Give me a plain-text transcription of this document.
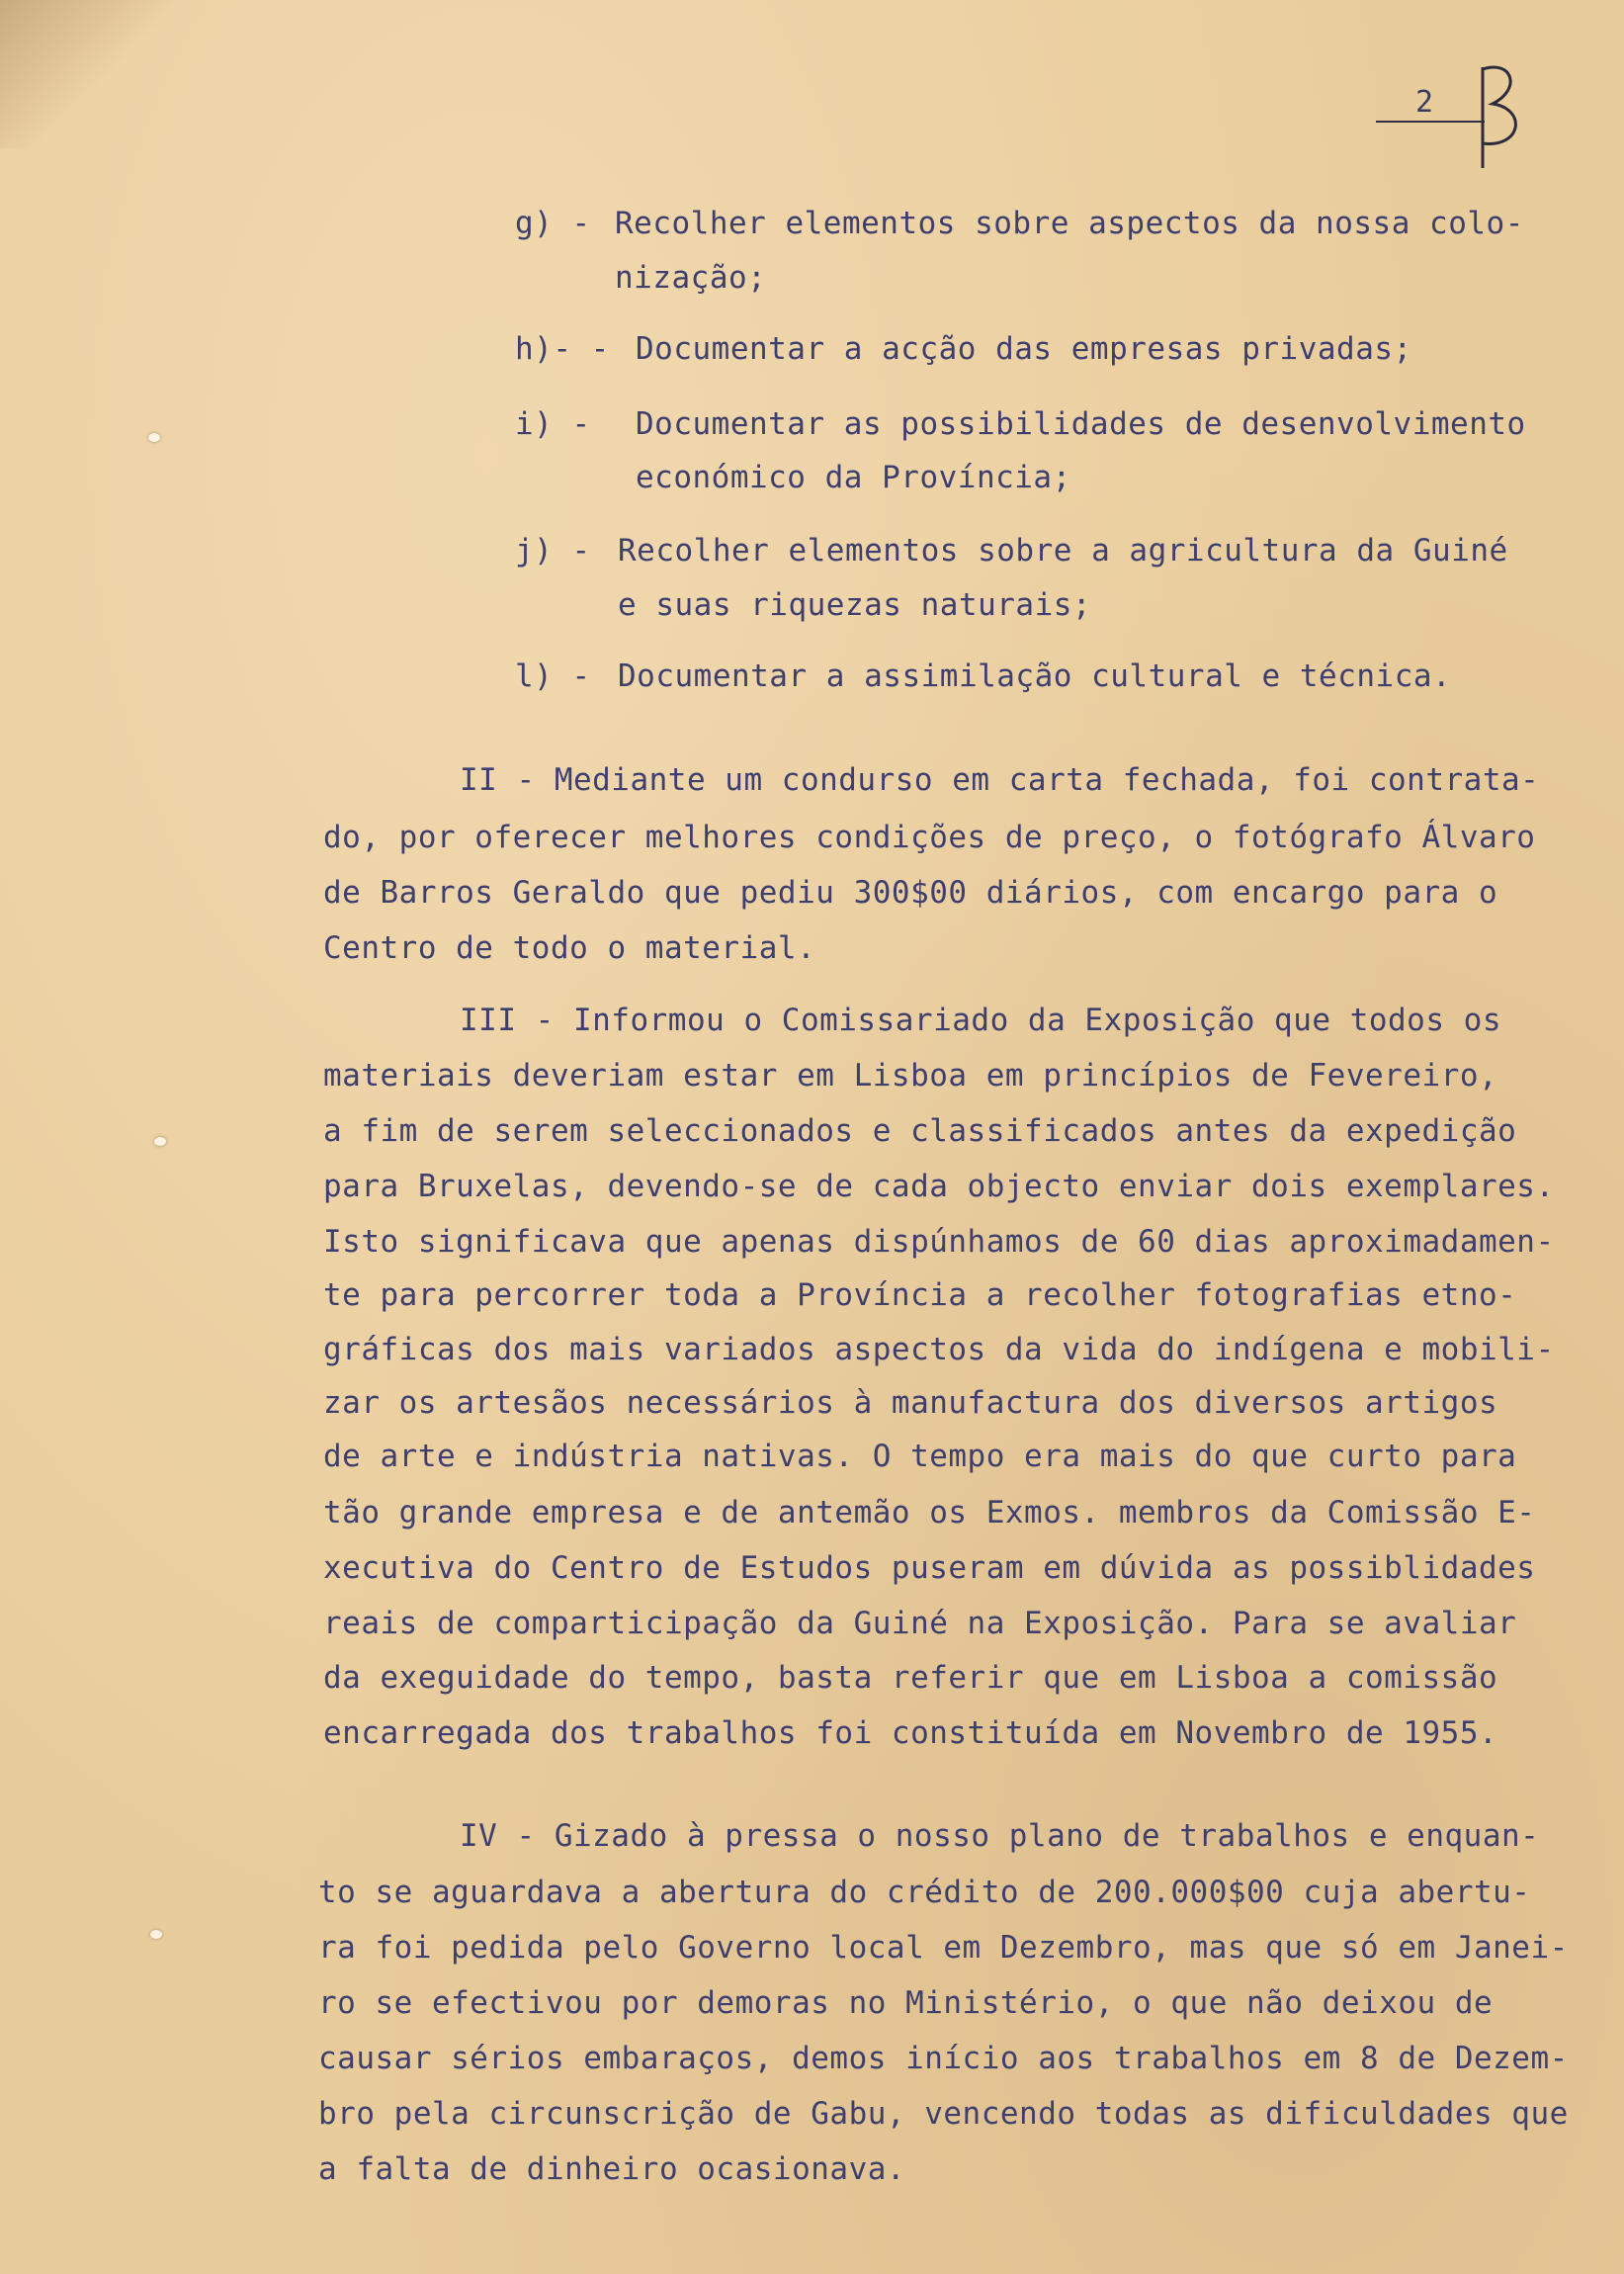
2
g) - Recolher elementos sobre aspectos da nossa colo-
nização;
h)- - Documentar a acção das empresas privadas;
i) - Documentar as possibilidades de desenvolvimento
económico da Província;
j) - Recolher elementos sobre a agricultura da Guiné
e suas riquezas naturais;
l) - Documentar a assimilação cultural e técnica.
II - Mediante um condurso em carta fechada, foi contrata-
do, por oferecer melhores condições de preço, o fotógrafo Álvaro
de Barros Geraldo que pediu 300$00 diários, com encargo para o
Centro de todo o material.
III - Informou o Comissariado da Exposição que todos os
materiais deveriam estar em Lisboa em princípios de Fevereiro,
a fim de serem seleccionados e classificados antes da expedição
para Bruxelas, devendo-se de cada objecto enviar dois exemplares.
Isto significava que apenas dispúnhamos de 60 dias aproximadamen-
te para percorrer toda a Província a recolher fotografias etno-
gráficas dos mais variados aspectos da vida do indígena e mobili-
zar os artesãos necessários à manufactura dos diversos artigos
de arte e indústria nativas. O tempo era mais do que curto para
tão grande empresa e de antemão os Exmos. membros da Comissão E-
xecutiva do Centro de Estudos puseram em dúvida as possiblidades
reais de comparticipação da Guiné na Exposição. Para se avaliar
da exeguidade do tempo, basta referir que em Lisboa a comissão
encarregada dos trabalhos foi constituída em Novembro de 1955.
IV - Gizado à pressa o nosso plano de trabalhos e enquan-
to se aguardava a abertura do crédito de 200.000$00 cuja abertu-
ra foi pedida pelo Governo local em Dezembro, mas que só em Janei-
ro se efectivou por demoras no Ministério, o que não deixou de
causar sérios embaraços, demos início aos trabalhos em 8 de Dezem-
bro pela circunscrição de Gabu, vencendo todas as dificuldades que
a falta de dinheiro ocasionava.
